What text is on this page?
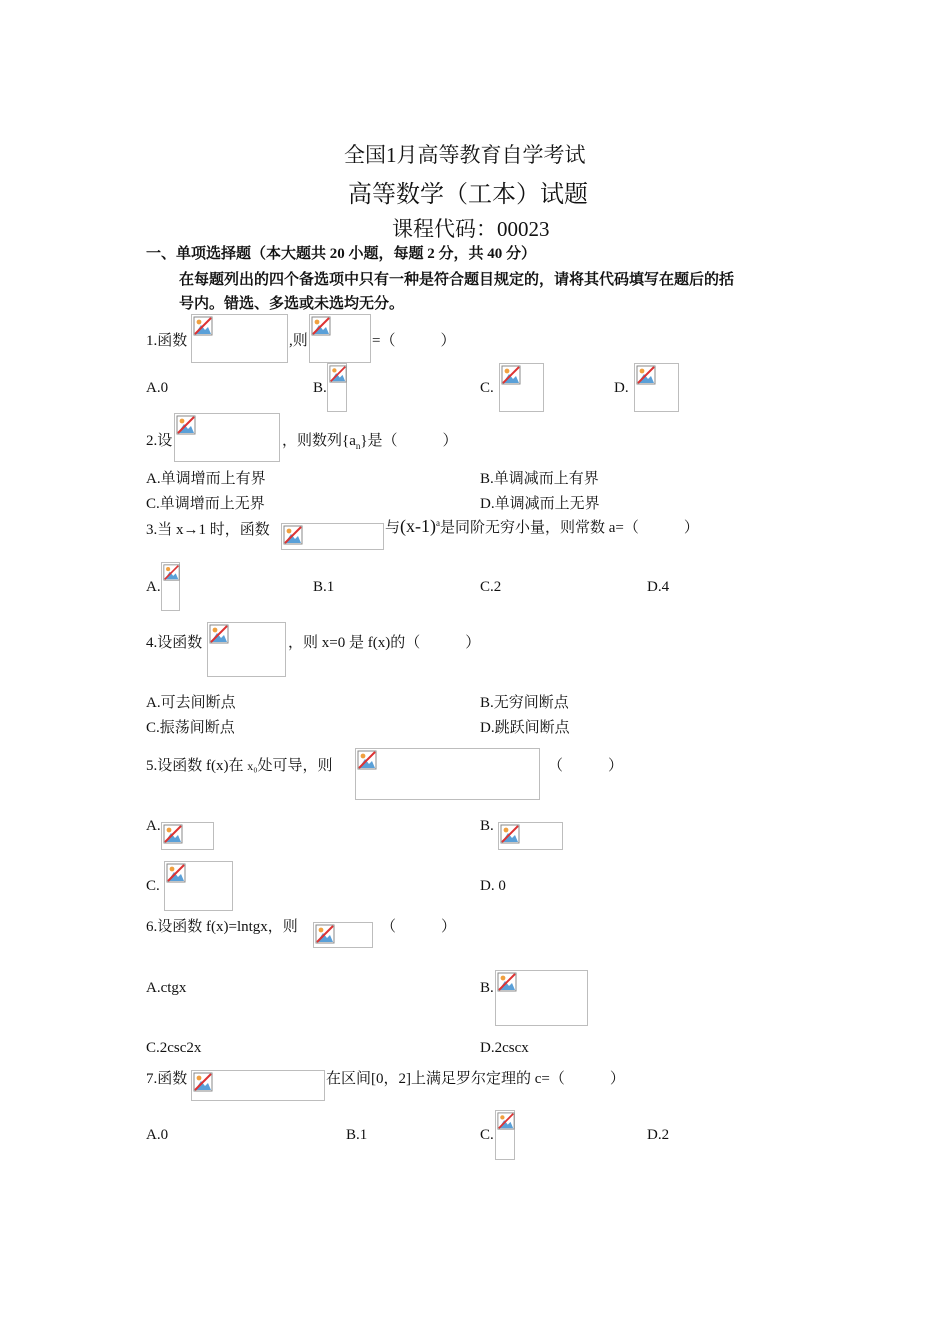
全国1月高等教育自学考试
高等数学（工本）试题
课程代码：00023
一、单项选择题（本大题共 20 小题，每题 2 分，共 40 分）
在每题列出的四个备选项中只有一种是符合题目规定的，请将其代码填写在题后的括
号内。错选、多选或未选均无分。
1.函数	,则	=（　　　）
A.0	B.	C.	D.
2.设	，则数列$\{a_n\}$是（　　　）
A.单调增而上有界	B.单调减而上有界
C.单调增而上无界	D.单调减而上无界
3.当 x→1 时，函数	与$(x-1)^a$是同阶无穷小量，则常数 a=（　　　）
A.	B.1	C.2	D.4
4.设函数	，则 x=0 是 f(x)的（　　　）
A.可去间断点	B.无穷间断点
C.振荡间断点	D.跳跃间断点
5.设函数 f(x)在 x₀处可导，则	（　　　）
A.	B.
C.	D. 0
6.设函数 f(x)=lntgx，则	（　　　）
A.ctgx	B.
C.2csc2x	D.2cscx
7.函数	在区间[0，2]上满足罗尔定理的 c=（　　　）
A.0	B.1	C.	D.2
